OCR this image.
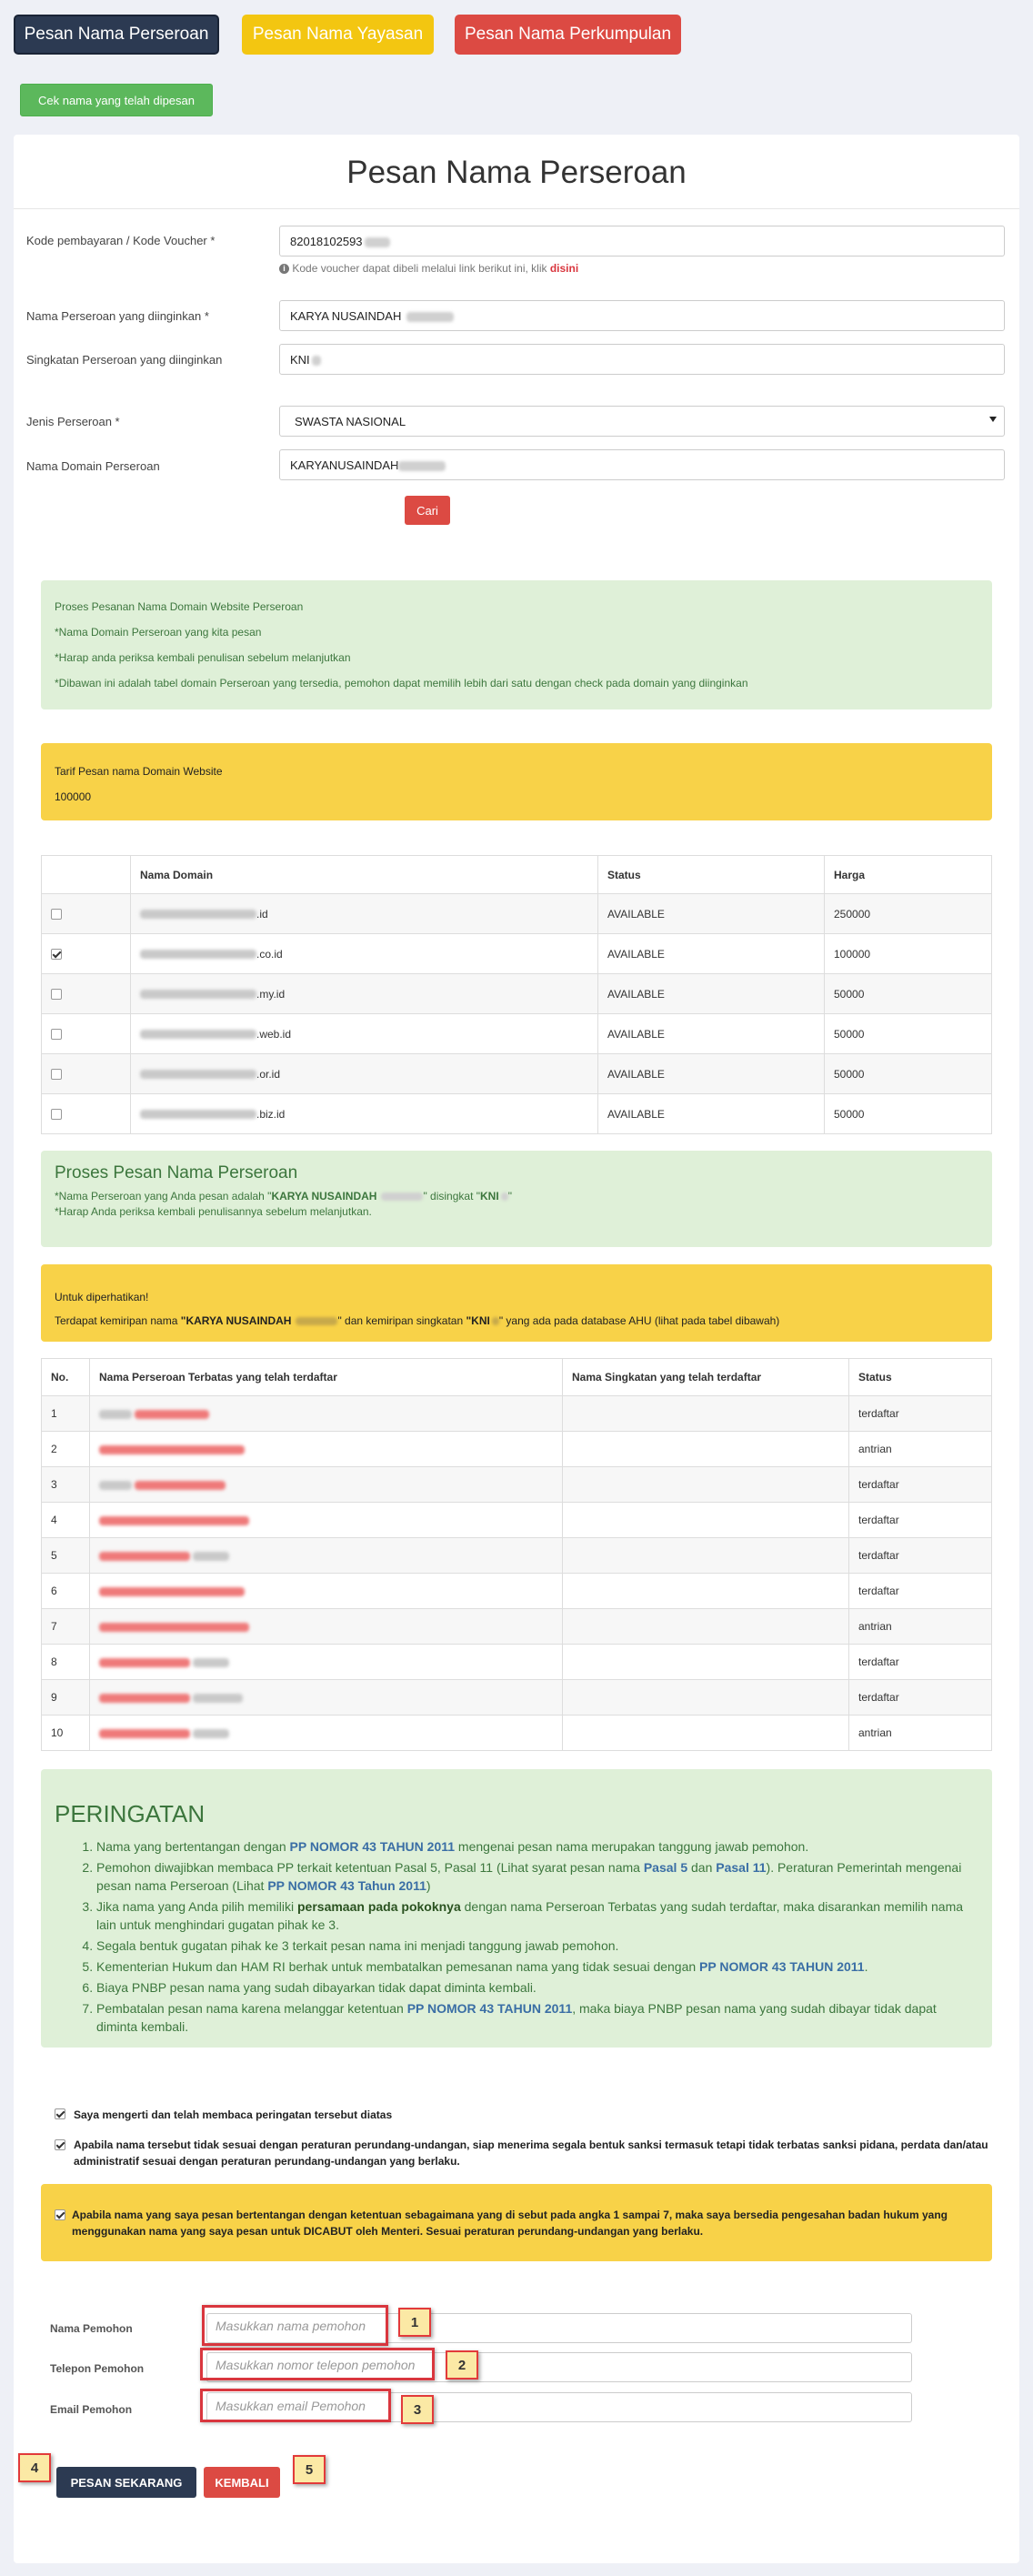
Pesan Nama Perseroan	Pesan Nama Yayasan	Pesan Nama Perkumpulan
Cek nama yang telah dipesan
Pesan Nama Perseroan
Kode pembayaran / Kode Voucher *	82018102593
i Kode voucher dapat dibeli melalui link berikut ini, klik disini
Nama Perseroan yang diinginkan *	KARYA NUSAINDAH
Singkatan Perseroan yang diinginkan	KNI
Jenis Perseroan *	SWASTA NASIONAL
Nama Domain Perseroan	KARYANUSAINDAH
Cari
Proses Pesanan Nama Domain Website Perseroan
*Nama Domain Perseroan yang kita pesan
*Harap anda periksa kembali penulisan sebelum melanjutkan
*Dibawan ini adalah tabel domain Perseroan yang tersedia, pemohon dapat memilih lebih dari satu dengan check pada domain yang diinginkan
Tarif Pesan nama Domain Website
100000
	Nama Domain	Status	Harga
	.id	AVAILABLE	250000
	.co.id	AVAILABLE	100000
	.my.id	AVAILABLE	50000
	.web.id	AVAILABLE	50000
	.or.id	AVAILABLE	50000
	.biz.id	AVAILABLE	50000
Proses Pesan Nama Perseroan
*Nama Perseroan yang Anda pesan adalah "KARYA NUSAINDAH	" disingkat "KNI "
*Harap Anda periksa kembali penulisannya sebelum melanjutkan.
Untuk diperhatikan!
Terdapat kemiripan nama "KARYA NUSAINDAH	" dan kemiripan singkatan "KNI " yang ada pada database AHU (lihat pada tabel dibawah)
No.	Nama Perseroan Terbatas yang telah terdaftar	Nama Singkatan yang telah terdaftar	Status
1			terdaftar
2			antrian
3			terdaftar
4			terdaftar
5			terdaftar
6			terdaftar
7			antrian
8			terdaftar
9			terdaftar
10			antrian
PERINGATAN
1. Nama yang bertentangan dengan PP NOMOR 43 TAHUN 2011 mengenai pesan nama merupakan tanggung jawab pemohon.
2. Pemohon diwajibkan membaca PP terkait ketentuan Pasal 5, Pasal 11 (Lihat syarat pesan nama Pasal 5 dan Pasal 11). Peraturan Pemerintah mengenai pesan nama Perseroan (Lihat PP NOMOR 43 Tahun 2011)
3. Jika nama yang Anda pilih memiliki persamaan pada pokoknya dengan nama Perseroan Terbatas yang sudah terdaftar, maka disarankan memilih nama lain untuk menghindari gugatan pihak ke 3.
4. Segala bentuk gugatan pihak ke 3 terkait pesan nama ini menjadi tanggung jawab pemohon.
5. Kementerian Hukum dan HAM RI berhak untuk membatalkan pemesanan nama yang tidak sesuai dengan PP NOMOR 43 TAHUN 2011.
6. Biaya PNBP pesan nama yang sudah dibayarkan tidak dapat diminta kembali.
7. Pembatalan pesan nama karena melanggar ketentuan PP NOMOR 43 TAHUN 2011, maka biaya PNBP pesan nama yang sudah dibayar tidak dapat diminta kembali.
Saya mengerti dan telah membaca peringatan tersebut diatas
Apabila nama tersebut tidak sesuai dengan peraturan perundang-undangan, siap menerima segala bentuk sanksi termasuk tetapi tidak terbatas sanksi pidana, perdata dan/atau administratif sesuai dengan peraturan perundang-undangan yang berlaku.
Apabila nama yang saya pesan bertentangan dengan ketentuan sebagaimana yang di sebut pada angka 1 sampai 7, maka saya bersedia pengesahan badan hukum yang menggunakan nama yang saya pesan untuk DICABUT oleh Menteri. Sesuai peraturan perundang-undangan yang berlaku.
Nama Pemohon	Masukkan nama pemohon	1
Telepon Pemohon	Masukkan nomor telepon pemohon	2
Email Pemohon	Masukkan email Pemohon	3
4
PESAN SEKARANG	KEMBALI
5
